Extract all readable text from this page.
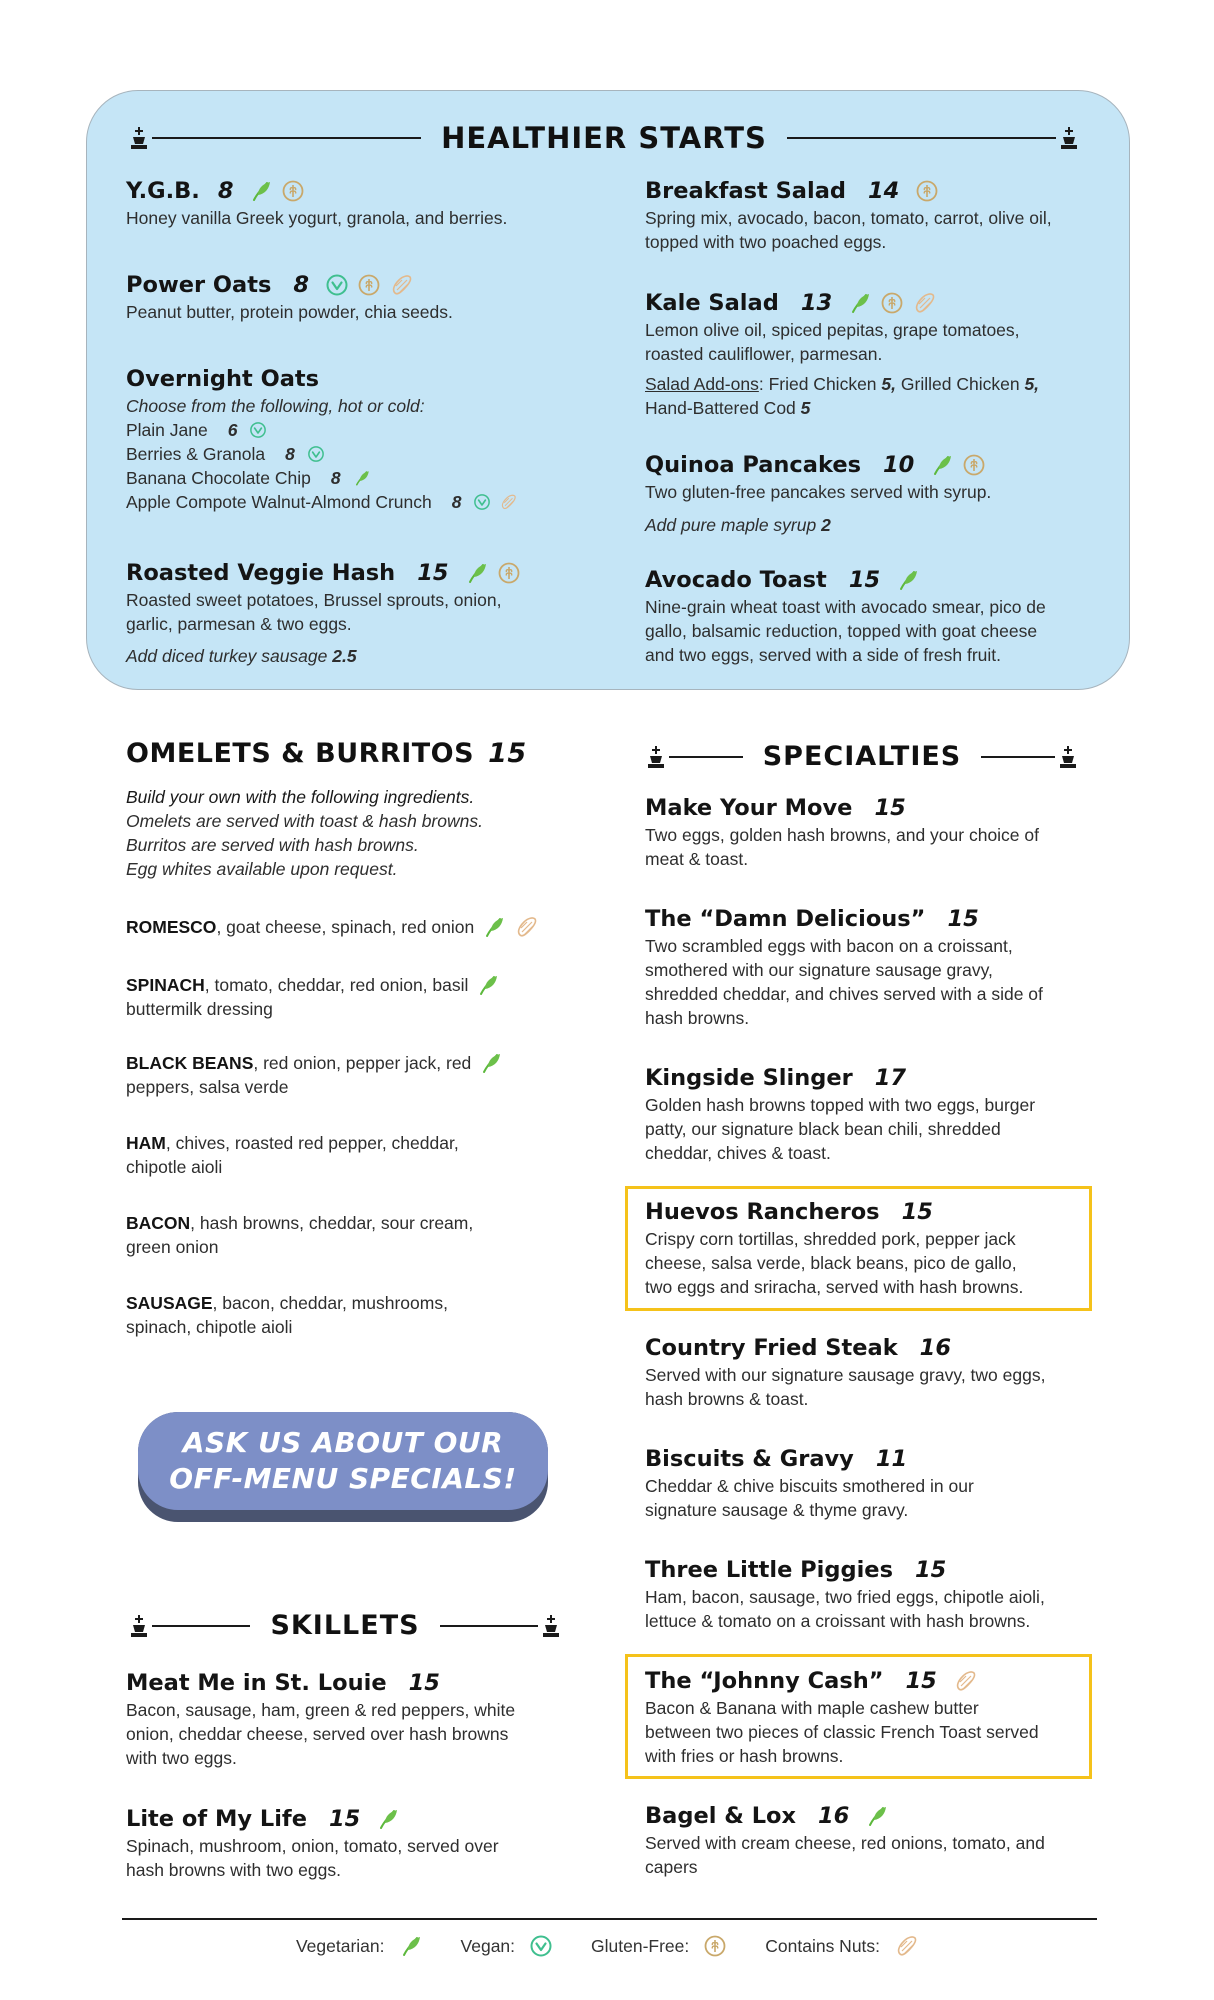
HEALTHIER STARTS
Y.G.B. 8
Honey vanilla Greek yogurt, granola, and berries.
Power Oats 8
Peanut butter, protein powder, chia seeds.
Overnight Oats
Choose from the following, hot or cold:
Plain Jane 6
Berries & Granola 8
Banana Chocolate Chip 8
Apple Compote Walnut-Almond Crunch 8
Roasted Veggie Hash 15
Roasted sweet potatoes, Brussel sprouts, onion,
garlic, parmesan & two eggs.
Add diced turkey sausage 2.5
Breakfast Salad 14
Spring mix, avocado, bacon, tomato, carrot, olive oil,
topped with two poached eggs.
Kale Salad 13
Lemon olive oil, spiced pepitas, grape tomatoes,
roasted cauliflower, parmesan.
Salad Add-ons: Fried Chicken 5, Grilled Chicken 5,
Hand-Battered Cod 5
Quinoa Pancakes 10
Two gluten-free pancakes served with syrup.
Add pure maple syrup 2
Avocado Toast 15
Nine-grain wheat toast with avocado smear, pico de
gallo, balsamic reduction, topped with goat cheese
and two eggs, served with a side of fresh fruit.
OMELETS & BURRITOS 15
Build your own with the following ingredients.
Omelets are served with toast & hash browns.
Burritos are served with hash browns.
Egg whites available upon request.
ROMESCO, goat cheese, spinach, red onion
SPINACH, tomato, cheddar, red onion, basil
buttermilk dressing
BLACK BEANS, red onion, pepper jack, red
peppers, salsa verde
HAM, chives, roasted red pepper, cheddar,
chipotle aioli
BACON, hash browns, cheddar, sour cream,
green onion
SAUSAGE, bacon, cheddar, mushrooms,
spinach, chipotle aioli
ASK US ABOUT OUR
OFF-MENU SPECIALS!
SKILLETS
Meat Me in St. Louie 15
Bacon, sausage, ham, green & red peppers, white
onion, cheddar cheese, served over hash browns
with two eggs.
Lite of My Life 15
Spinach, mushroom, onion, tomato, served over
hash browns with two eggs.
SPECIALTIES
Make Your Move 15
Two eggs, golden hash browns, and your choice of
meat & toast.
The “Damn Delicious” 15
Two scrambled eggs with bacon on a croissant,
smothered with our signature sausage gravy,
shredded cheddar, and chives served with a side of
hash browns.
Kingside Slinger 17
Golden hash browns topped with two eggs, burger
patty, our signature black bean chili, shredded
cheddar, chives & toast.
Huevos Rancheros 15
Crispy corn tortillas, shredded pork, pepper jack
cheese, salsa verde, black beans, pico de gallo,
two eggs and sriracha, served with hash browns.
Country Fried Steak 16
Served with our signature sausage gravy, two eggs,
hash browns & toast.
Biscuits & Gravy 11
Cheddar & chive biscuits smothered in our
signature sausage & thyme gravy.
Three Little Piggies 15
Ham, bacon, sausage, two fried eggs, chipotle aioli,
lettuce & tomato on a croissant with hash browns.
The “Johnny Cash” 15
Bacon & Banana with maple cashew butter
between two pieces of classic French Toast served
with fries or hash browns.
Bagel & Lox 16
Served with cream cheese, red onions, tomato, and
capers
Vegetarian:	Vegan:	Gluten-Free:	Contains Nuts:
